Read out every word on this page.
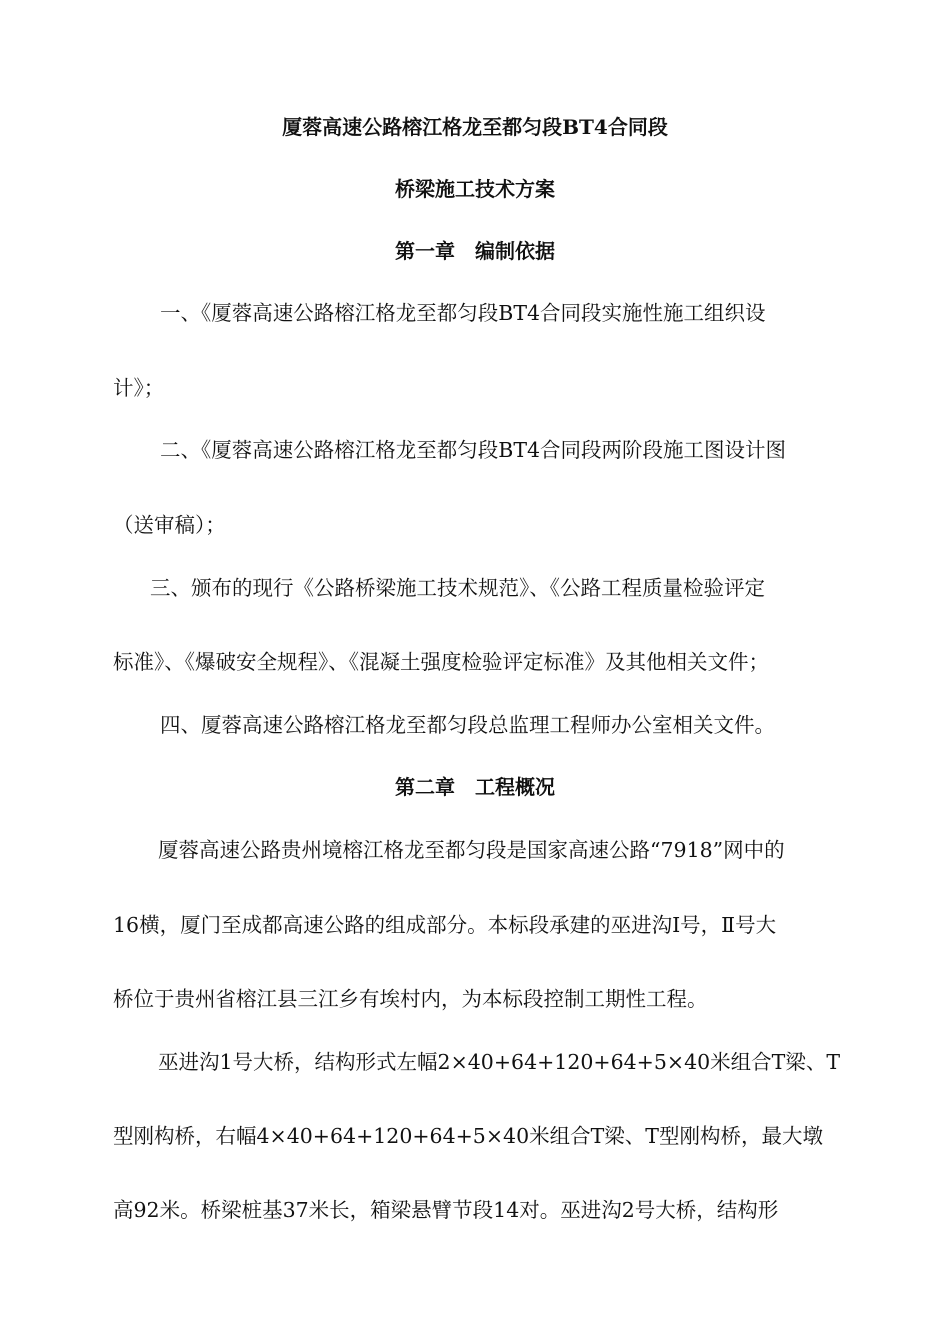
厦蓉高速公路榕江格龙至都匀段BT4合同段
桥梁施工技术方案
第一章　编制依据
一、《厦蓉高速公路榕江格龙至都匀段BT4合同段实施性施工组织设
计》；
二、《厦蓉高速公路榕江格龙至都匀段BT4合同段两阶段施工图设计图
（送审稿）；
三、颁布的现行《公路桥梁施工技术规范》、《公路工程质量检验评定
标准》、《爆破安全规程》、《混凝土强度检验评定标准》及其他相关文件；
四、厦蓉高速公路榕江格龙至都匀段总监理工程师办公室相关文件。
第二章　工程概况
厦蓉高速公路贵州境榕江格龙至都匀段是国家高速公路“7918”网中的
16横，厦门至成都高速公路的组成部分。本标段承建的巫进沟Ⅰ号，Ⅱ号大
桥位于贵州省榕江县三江乡有埃村内，为本标段控制工期性工程。
巫进沟1号大桥，结构形式左幅2×40+64+120+64+5×40米组合T梁、T
型刚构桥，右幅4×40+64+120+64+5×40米组合T梁、T型刚构桥，最大墩
高92米。桥梁桩基37米长，箱梁悬臂节段14对。巫进沟2号大桥，结构形
